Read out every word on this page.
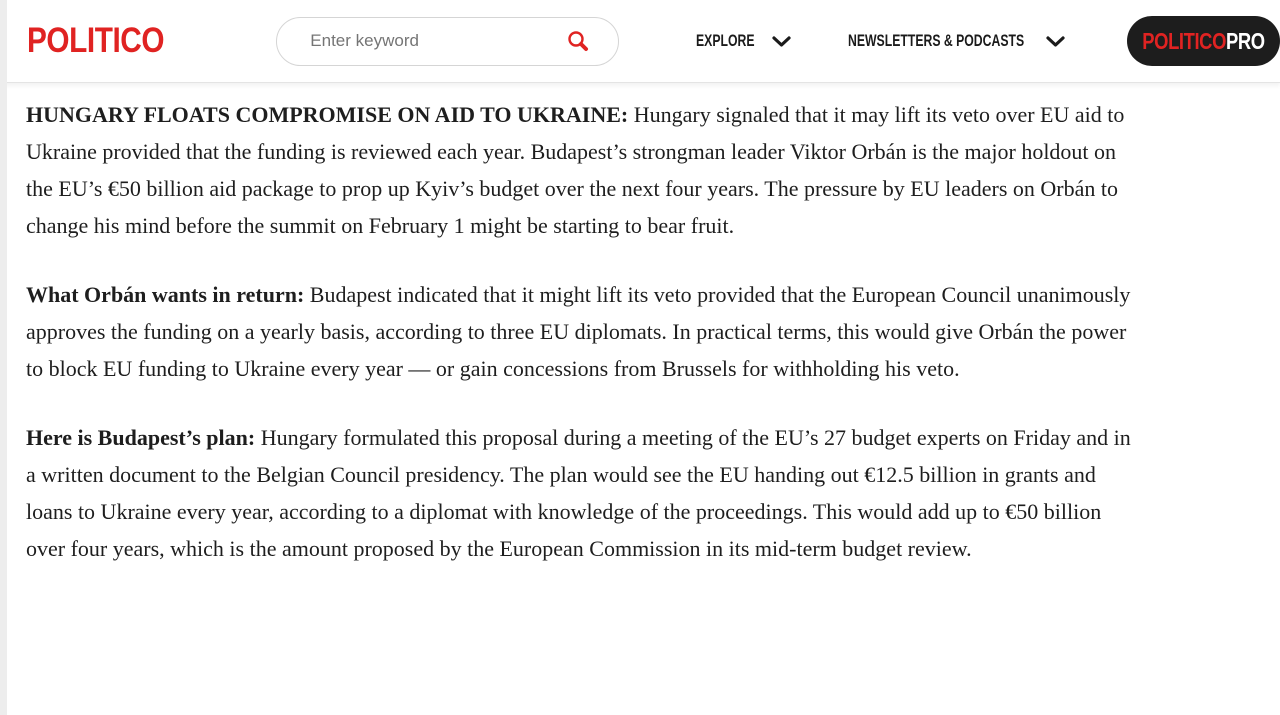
POLITICO
Enter keyword	EXPLORE	NEWSLETTERS & PODCASTS	POLITICOPRO

HUNGARY FLOATS COMPROMISE ON AID TO UKRAINE: Hungary signaled that it may lift its veto over EU aid to Ukraine provided that the funding is reviewed each year. Budapest’s strongman leader Viktor Orbán is the major holdout on the EU’s €50 billion aid package to prop up Kyiv’s budget over the next four years. The pressure by EU leaders on Orbán to change his mind before the summit on February 1 might be starting to bear fruit.

What Orbán wants in return: Budapest indicated that it might lift its veto provided that the European Council unanimously approves the funding on a yearly basis, according to three EU diplomats. In practical terms, this would give Orbán the power to block EU funding to Ukraine every year — or gain concessions from Brussels for withholding his veto.

Here is Budapest’s plan: Hungary formulated this proposal during a meeting of the EU’s 27 budget experts on Friday and in a written document to the Belgian Council presidency. The plan would see the EU handing out €12.5 billion in grants and loans to Ukraine every year, according to a diplomat with knowledge of the proceedings. This would add up to €50 billion over four years, which is the amount proposed by the European Commission in its mid-term budget review.
